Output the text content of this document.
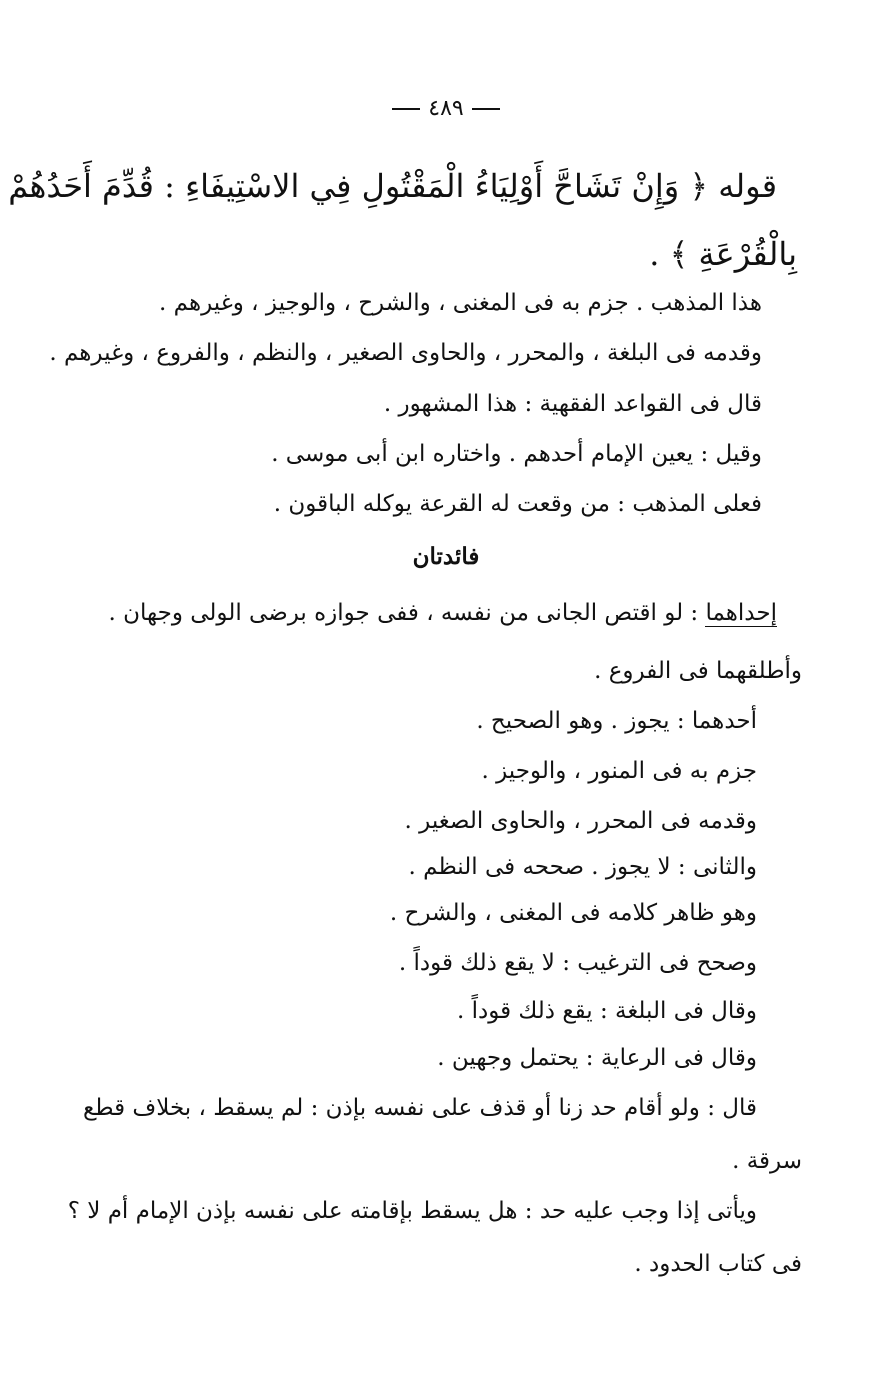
٤٨٩
قوله ﴿ وَإِنْ تَشَاحَّ أَوْلِيَاءُ الْمَقْتُولِ فِي الاسْتِيفَاءِ : قُدِّمَ أَحَدُهُمْ
بِالْقُرْعَةِ ﴾ .
هذا المذهب . جزم به فى المغنى ، والشرح ، والوجيز ، وغيرهم .
وقدمه فى البلغة ، والمحرر ، والحاوى الصغير ، والنظم ، والفروع ، وغيرهم .
قال فى القواعد الفقهية : هذا المشهور .
وقيل : يعين الإمام أحدهم . واختاره ابن أبى موسى .
فعلى المذهب : من وقعت له القرعة يوكله الباقون .
فائدتان
إحداهما : لو اقتص الجانى من نفسه ، ففى جوازه برضى الولى وجهان .
وأطلقهما فى الفروع .
أحدهما : يجوز . وهو الصحيح .
جزم به فى المنور ، والوجيز .
وقدمه فى المحرر ، والحاوى الصغير .
والثانى : لا يجوز . صححه فى النظم .
وهو ظاهر كلامه فى المغنى ، والشرح .
وصحح فى الترغيب : لا يقع ذلك قوداً .
وقال فى البلغة : يقع ذلك قوداً .
وقال فى الرعاية : يحتمل وجهين .
قال : ولو أقام حد زنا أو قذف على نفسه بإذن : لم يسقط ، بخلاف قطع
سرقة .
ويأتى إذا وجب عليه حد : هل يسقط بإقامته على نفسه بإذن الإمام أم لا ؟
فى كتاب الحدود .
